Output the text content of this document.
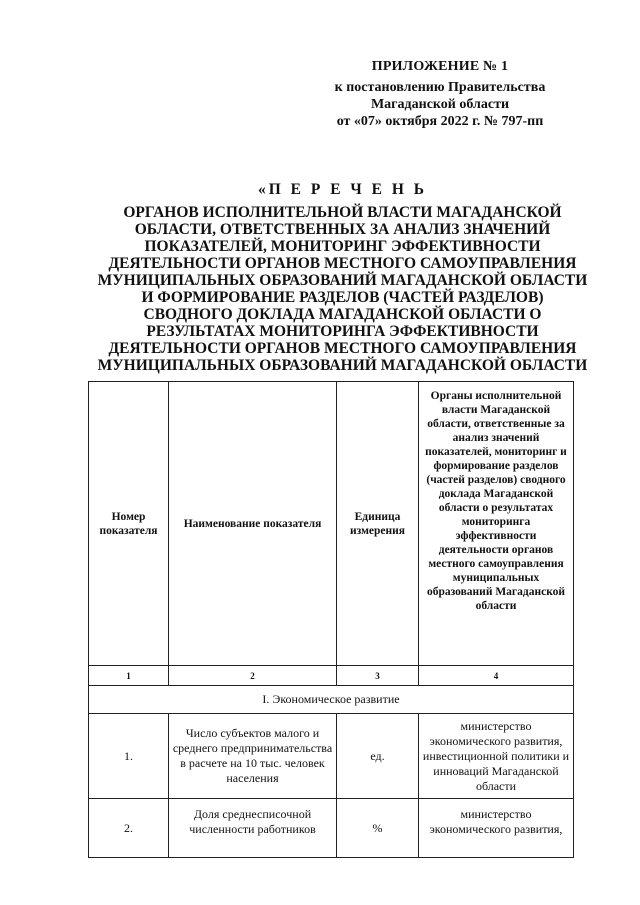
ПРИЛОЖЕНИЕ № 1
к постановлению Правительства
Магаданской области
от «07» октября 2022 г. № 797-пп
«П Е Р Е Ч Е Н Ь
ОРГАНОВ ИСПОЛНИТЕЛЬНОЙ ВЛАСТИ МАГАДАНСКОЙ
ОБЛАСТИ, ОТВЕТСТВЕННЫХ ЗА АНАЛИЗ ЗНАЧЕНИЙ
ПОКАЗАТЕЛЕЙ, МОНИТОРИНГ ЭФФЕКТИВНОСТИ
ДЕЯТЕЛЬНОСТИ ОРГАНОВ МЕСТНОГО САМОУПРАВЛЕНИЯ
МУНИЦИПАЛЬНЫХ ОБРАЗОВАНИЙ МАГАДАНСКОЙ ОБЛАСТИ
И ФОРМИРОВАНИЕ РАЗДЕЛОВ (ЧАСТЕЙ РАЗДЕЛОВ)
СВОДНОГО ДОКЛАДА МАГАДАНСКОЙ ОБЛАСТИ О
РЕЗУЛЬТАТАХ МОНИТОРИНГА ЭФФЕКТИВНОСТИ
ДЕЯТЕЛЬНОСТИ ОРГАНОВ МЕСТНОГО САМОУПРАВЛЕНИЯ
МУНИЦИПАЛЬНЫХ ОБРАЗОВАНИЙ МАГАДАНСКОЙ ОБЛАСТИ
Номер показателя	Наименование показателя	Единица измерения	Органы исполнительной власти Магаданской области, ответственные за анализ значений показателей, мониторинг и формирование разделов (частей разделов) сводного доклада Магаданской области о результатах мониторинга эффективности деятельности органов местного самоуправления муниципальных образований Магаданской области
1	2	3	4
I. Экономическое развитие			
1.	Число субъектов малого и среднего предпринимательства в расчете на 10 тыс. человек населения	ед.	министерство экономического развития, инвестиционной политики и инноваций Магаданской области
2.	Доля среднесписочной численности работников	%	министерство экономического развития,
